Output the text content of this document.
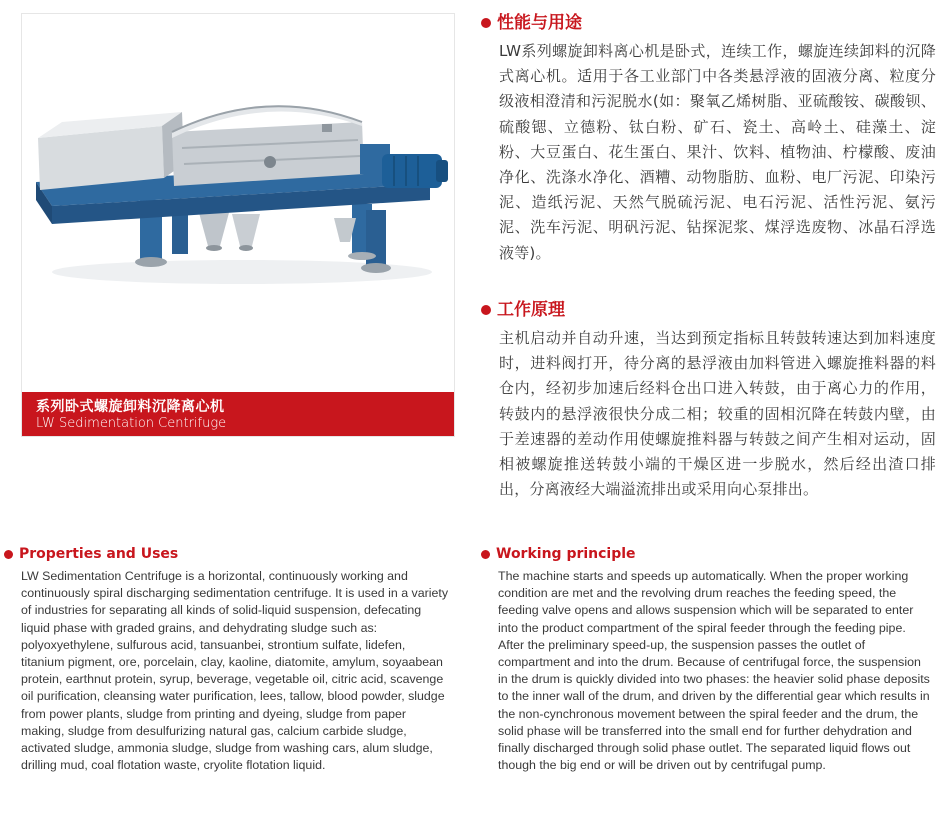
系列卧式螺旋卸料沉降离心机
LW Sedimentation Centrifuge
性能与用途
LW系列螺旋卸料离心机是卧式，连续工作，螺旋连续卸料的沉降式离心机。适用于各工业部门中各类悬浮液的固液分离、粒度分级液相澄清和污泥脱水(如：聚氧乙烯树脂、亚硫酸铵、碳酸钡、硫酸锶、立德粉、钛白粉、矿石、瓷土、高岭土、硅藻土、淀粉、大豆蛋白、花生蛋白、果汁、饮料、植物油、柠檬酸、废油净化、洗涤水净化、酒糟、动物脂肪、血粉、电厂污泥、印染污泥、造纸污泥、天然气脱硫污泥、电石污泥、活性污泥、氨污泥、洗车污泥、明矾污泥、钻探泥浆、煤浮选废物、冰晶石浮选液等)。
工作原理
主机启动并自动升速，当达到预定指标且转鼓转速达到加料速度时，进料阀打开，待分离的悬浮液由加料管进入螺旋推料器的料仓内，经初步加速后经料仓出口进入转鼓，由于离心力的作用，转鼓内的悬浮液很快分成二相；较重的固相沉降在转鼓内壁，由于差速器的差动作用使螺旋推料器与转鼓之间产生相对运动，固相被螺旋推送转鼓小端的干燥区进一步脱水，然后经出渣口排出，分离液经大端溢流排出或采用向心泵排出。
Properties and Uses
LW Sedimentation Centrifuge is a horizontal, continuously working and continuously spiral discharging sedimentation centrifuge. It is used in a variety of industries for separating all kinds of solid-liquid suspension, defecating liquid phase with graded grains, and dehydrating sludge such as: polyoxyethylene, sulfurous acid, tansuanbei, strontium sulfate, lidefen, titanium pigment, ore, porcelain, clay, kaoline, diatomite, amylum, soyaabean protein, earthnut protein, syrup, beverage, vegetable oil, citric acid, scavenge oil purification, cleansing water purification, lees, tallow, blood powder, sludge from power plants, sludge from printing and dyeing, sludge from paper making, sludge from desulfurizing natural gas, calcium carbide sludge, activated sludge, ammonia sludge, sludge from washing cars, alum sludge, drilling mud, coal flotation waste, cryolite flotation liquid.
Working principle
The machine starts and speeds up automatically. When the proper working condition are met and the revolving drum reaches the feeding speed, the feeding valve opens and allows suspension which will be separated to enter into the product compartment of the spiral feeder through the feeding pipe. After the preliminary speed-up, the suspension passes the outlet of compartment and into the drum. Because of centrifugal force, the suspension in the drum is quickly divided into two phases: the heavier solid phase deposits to the inner wall of the drum, and driven by the differential gear which results in the non-cynchronous movement between the spiral feeder and the drum, the solid phase will be transferred into the small end for further dehydration and finally discharged through solid phase outlet. The separated liquid flows out though the big end or will be driven out by centrifugal pump.
